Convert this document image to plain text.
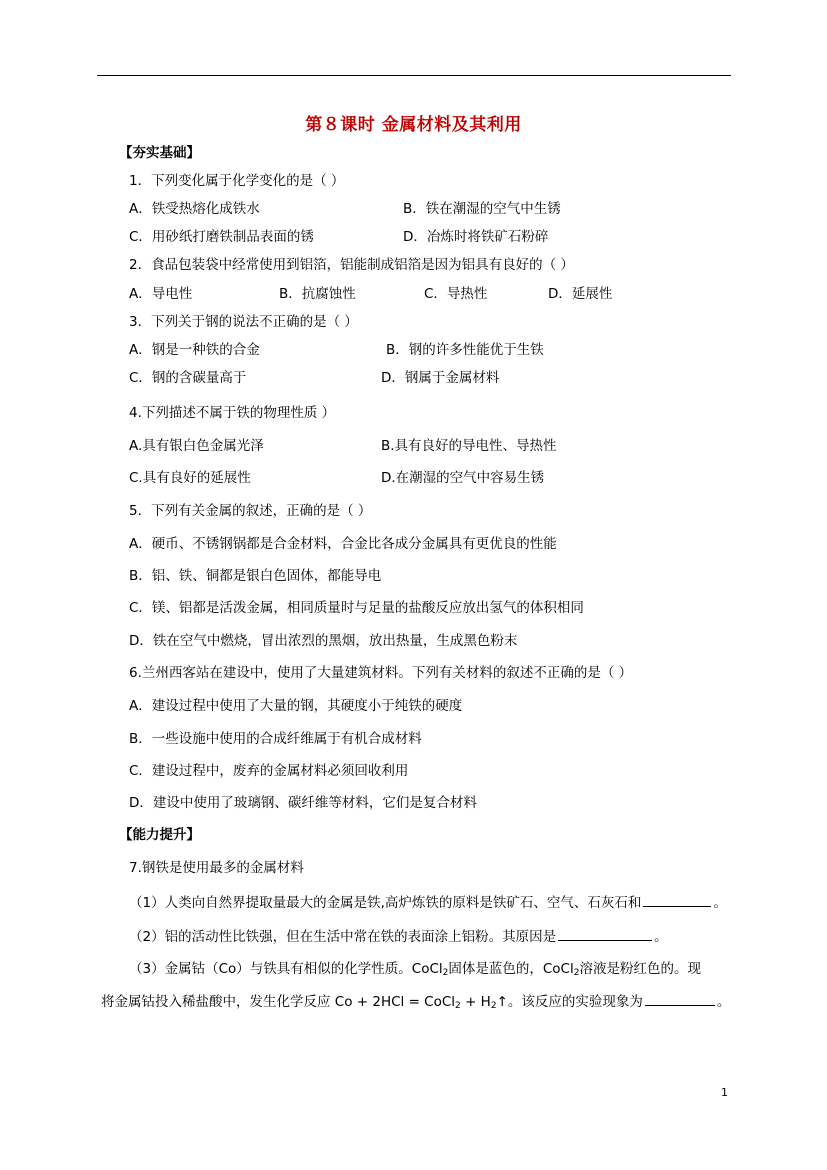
第８课时 金属材料及其利用
【夯实基础】
1．下列变化属于化学变化的是（ ）
A．铁受热熔化成铁水	B．铁在潮湿的空气中生锈
C．用砂纸打磨铁制品表面的锈	D．冶炼时将铁矿石粉碎
2．食品包装袋中经常使用到铝箔，铝能制成铝箔是因为铝具有良好的（ ）
A．导电性	B．抗腐蚀性	C．导热性	D．延展性
3．下列关于钢的说法不正确的是（ ）
A．钢是一种铁的合金	B．钢的许多性能优于生铁
C．钢的含碳量高于	D．钢属于金属材料
4.下列描述不属于铁的物理性质 ）
A.具有银白色金属光泽	B.具有良好的导电性、导热性
C.具有良好的延展性	D.在潮湿的空气中容易生锈
5．下列有关金属的叙述，正确的是（ ）
A．硬币、不锈钢锅都是合金材料，合金比各成分金属具有更优良的性能
B．铝、铁、铜都是银白色固体，都能导电
C．镁、铝都是活泼金属，相同质量时与足量的盐酸反应放出氢气的体积相同
D．铁在空气中燃烧，冒出浓烈的黑烟，放出热量，生成黑色粉末
6.兰州西客站在建设中，使用了大量建筑材料。下列有关材料的叙述不正确的是（ ）
A．建设过程中使用了大量的钢，其硬度小于纯铁的硬度
B．一些设施中使用的合成纤维属于有机合成材料
C．建设过程中，废弃的金属材料必须回收利用
D．建设中使用了玻璃钢、碳纤维等材料，它们是复合材料
【能力提升】
7.钢铁是使用最多的金属材料
（1）人类向自然界提取量最大的金属是铁,高炉炼铁的原料是铁矿石、空气、石灰石和	。
（2）铝的活动性比铁强，但在生活中常在铁的表面涂上铝粉。其原因是	。
（3）金属钴（Co）与铁具有相似的化学性质。CoCl$_2$固体是蓝色的，CoCl$_2$溶液是粉红色的。现
将金属钴投入稀盐酸中，发生化学反应 Co + 2HCl = CoCl$_2$ + $H_2↑$。该反应的实验现象为	。
1
